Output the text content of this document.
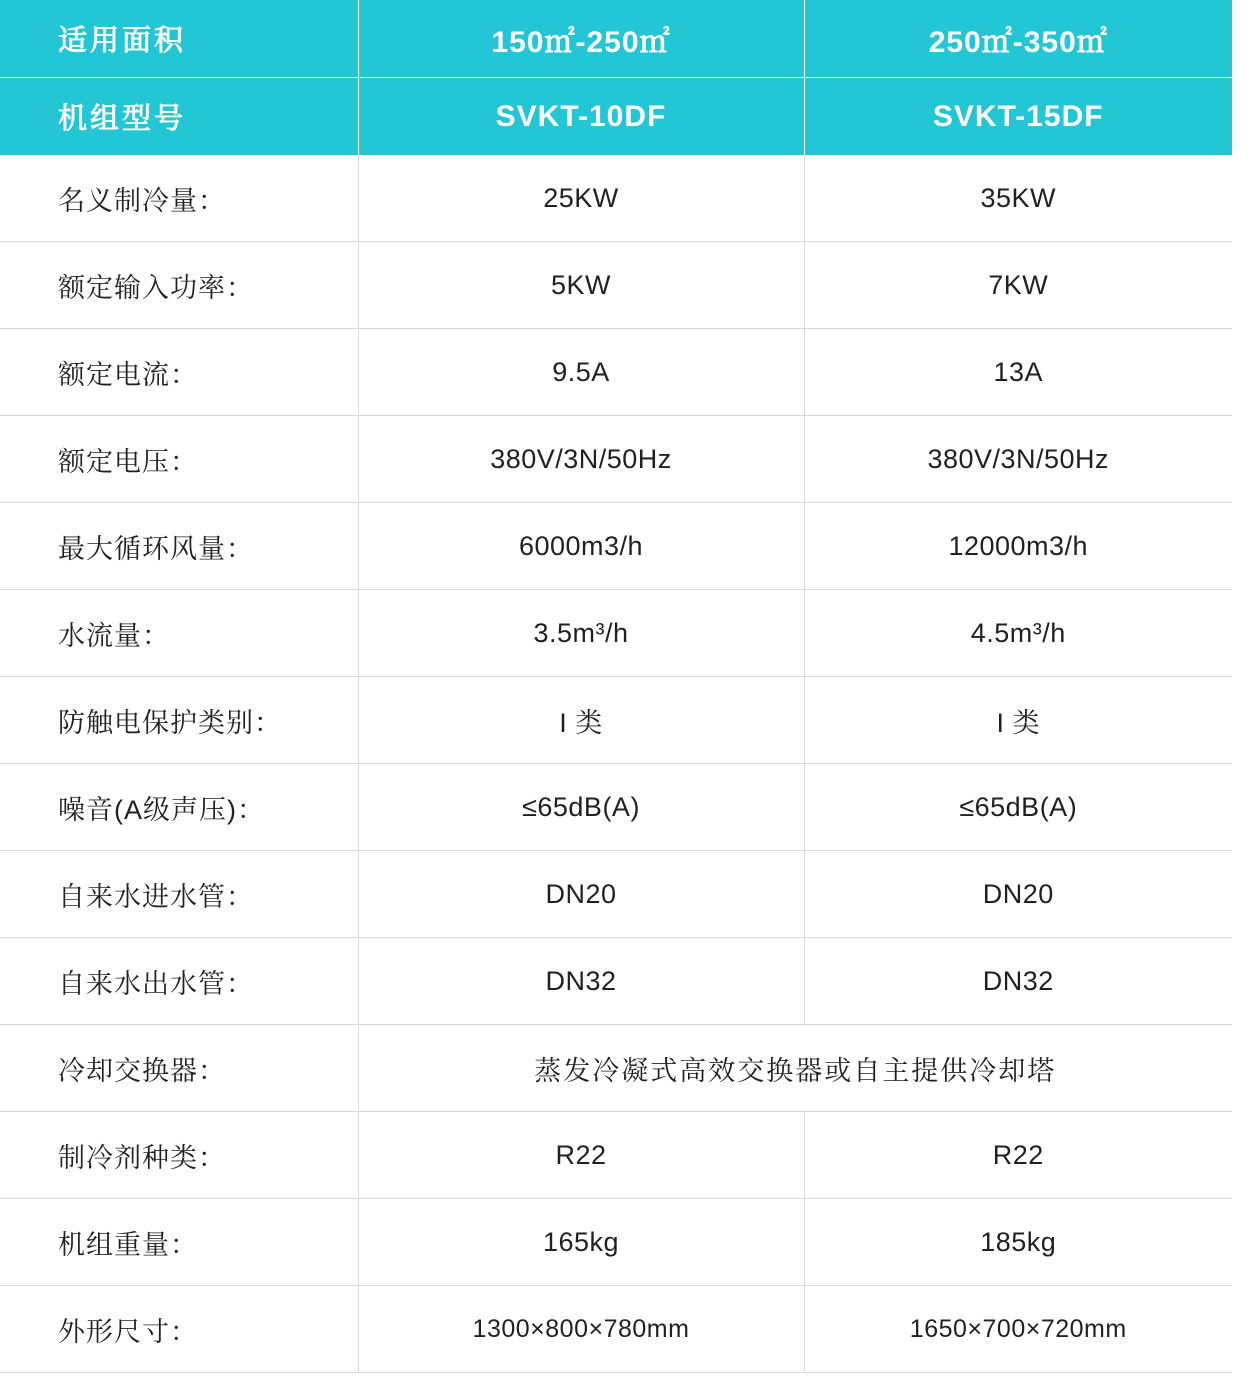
适用面积	150㎡-250㎡	250㎡-350㎡
机组型号	SVKT-10DF	SVKT-15DF
名义制冷量：	25KW	35KW
额定输入功率：	5KW	7KW
额定电流：	9.5A	13A
额定电压：	380V/3N/50Hz	380V/3N/50Hz
最大循环风量：	6000m3/h	12000m3/h
水流量：	3.5m³/h	4.5m³/h
防触电保护类别：	I 类	I 类
噪音(A级声压)：	≤65dB(A)	≤65dB(A)
自来水进水管：	DN20	DN20
自来水出水管：	DN32	DN32
冷却交换器：	蒸发冷凝式高效交换器或自主提供冷却塔	
制冷剂种类：	R22	R22
机组重量：	165kg	185kg
外形尺寸：	1300×800×780mm	1650×700×720mm
